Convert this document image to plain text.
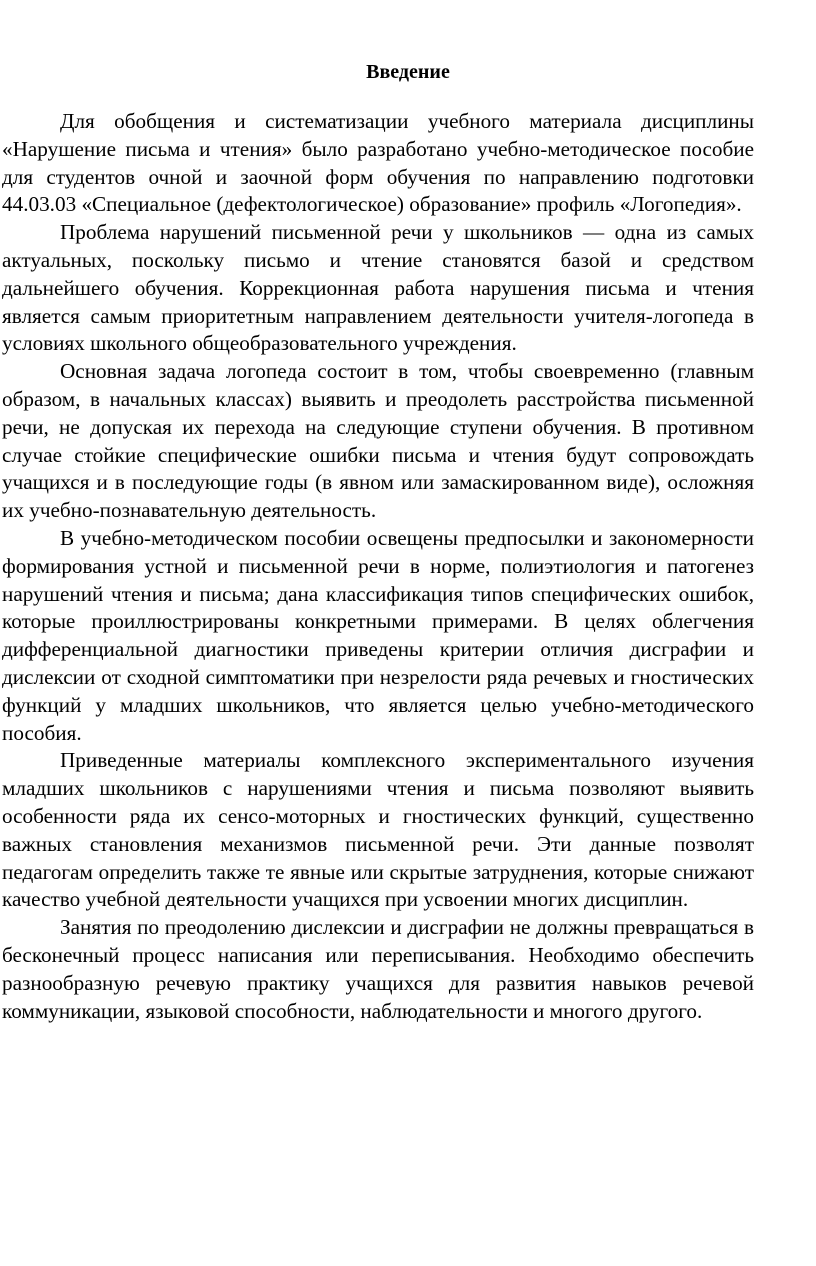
Введение

Для обобщения и систематизации учебного материала дисциплины «Нарушение письма и чтения» было разработано учебно-методическое пособие для студентов очной и заочной форм обучения по направлению подготовки 44.03.03 «Специальное (дефектологическое) образование» профиль «Логопедия».

Проблема нарушений письменной речи у школьников — одна из самых актуальных, поскольку письмо и чтение становятся базой и средством дальнейшего обучения. Коррекционная работа нарушения письма и чтения является самым приоритетным направлением деятельности учителя-логопеда в условиях школьного общеобразовательного учреждения.

Основная задача логопеда состоит в том, чтобы своевременно (главным образом, в начальных классах) выявить и преодолеть расстройства письменной речи, не допуская их перехода на следующие ступени обучения. В противном случае стойкие специфические ошибки письма и чтения будут сопровождать учащихся и в последующие годы (в явном или замаскированном виде), осложняя их учебно-познавательную деятельность.

В учебно-методическом пособии освещены предпосылки и закономерности формирования устной и письменной речи в норме, полиэтиология и патогенез нарушений чтения и письма; дана классификация типов специфических ошибок, которые проиллюстрированы конкретными примерами. В целях облегчения дифференциальной диагностики приведены критерии отличия дисграфии и дислексии от сходной симптоматики при незрелости ряда речевых и гностических функций у младших школьников, что является целью учебно-методического пособия.

Приведенные материалы комплексного экспериментального изучения младших школьников с нарушениями чтения и письма позволяют выявить особенности ряда их сенсо-моторных и гностических функций, существенно важных становления механизмов письменной речи. Эти данные позволят педагогам определить также те явные или скрытые затруднения, которые снижают качество учебной деятельности учащихся при усвоении многих дисциплин.

Занятия по преодолению дислексии и дисграфии не должны превращаться в бесконечный процесс написания или переписывания. Необходимо обеспечить разнообразную речевую практику учащихся для развития навыков речевой коммуникации, языковой способности, наблюдательности и многого другого.
